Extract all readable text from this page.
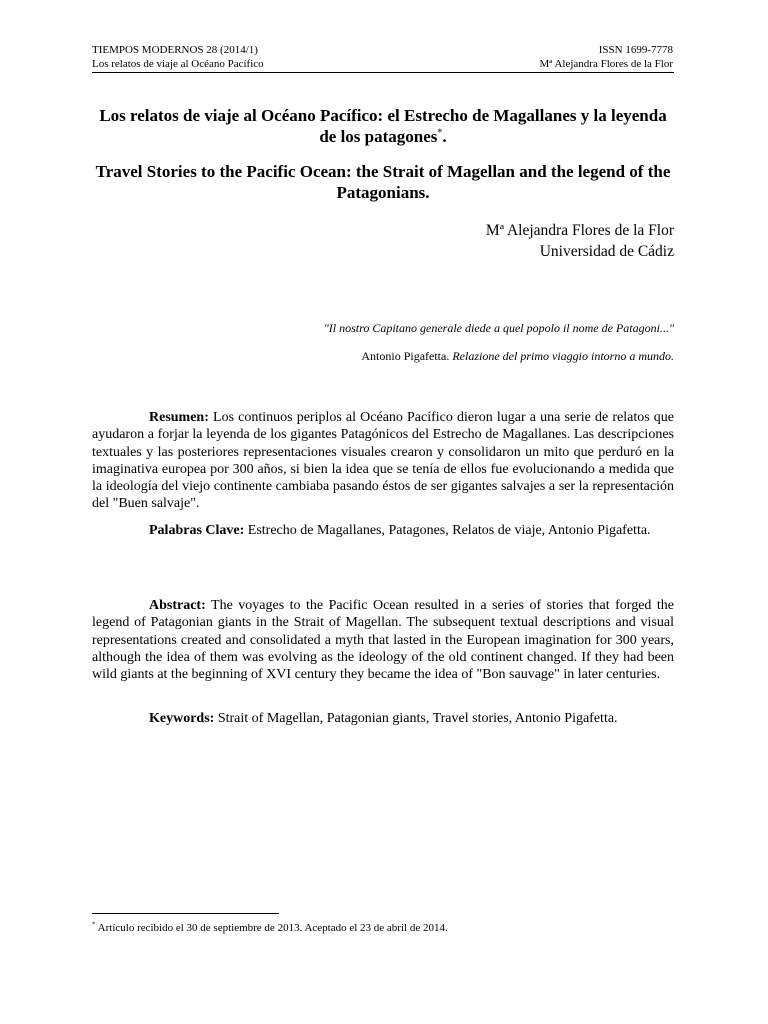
TIEMPOS MODERNOS 28 (2014/1)
Los relatos de viaje al Océano Pacífico
ISSN 1699-7778
Mª Alejandra Flores de la Flor
Los relatos de viaje al Océano Pacífico: el Estrecho de Magallanes y la leyenda de los patagones*.
Travel Stories to the Pacific Ocean: the Strait of Magellan and the legend of the Patagonians.
Mª Alejandra Flores de la Flor
Universidad de Cádiz
"Il nostro Capitano generale diede a quel popolo il nome de Patagoni..."
Antonio Pigafetta. Relazione del primo viaggio intorno a mundo.
Resumen: Los continuos periplos al Océano Pacífico dieron lugar a una serie de relatos que ayudaron a forjar la leyenda de los gigantes Patagónicos del Estrecho de Magallanes. Las descripciones textuales y las posteriores representaciones visuales crearon y consolidaron un mito que perduró en la imaginativa europea por 300 años, si bien la idea que se tenía de ellos fue evolucionando a medida que la ideología del viejo continente cambiaba pasando éstos de ser gigantes salvajes a ser la representación del "Buen salvaje".
Palabras Clave: Estrecho de Magallanes, Patagones, Relatos de viaje, Antonio Pigafetta.
Abstract: The voyages to the Pacific Ocean resulted in a series of stories that forged the legend of Patagonian giants in the Strait of Magellan. The subsequent textual descriptions and visual representations created and consolidated a myth that lasted in the European imagination for 300 years, although the idea of them was evolving as the ideology of the old continent changed. If they had been wild giants at the beginning of XVI century they became the idea of "Bon sauvage" in later centuries.
Keywords: Strait of Magellan, Patagonian giants, Travel stories, Antonio Pigafetta.
* Artículo recibido el 30 de septiembre de 2013. Aceptado el 23 de abril de 2014.
